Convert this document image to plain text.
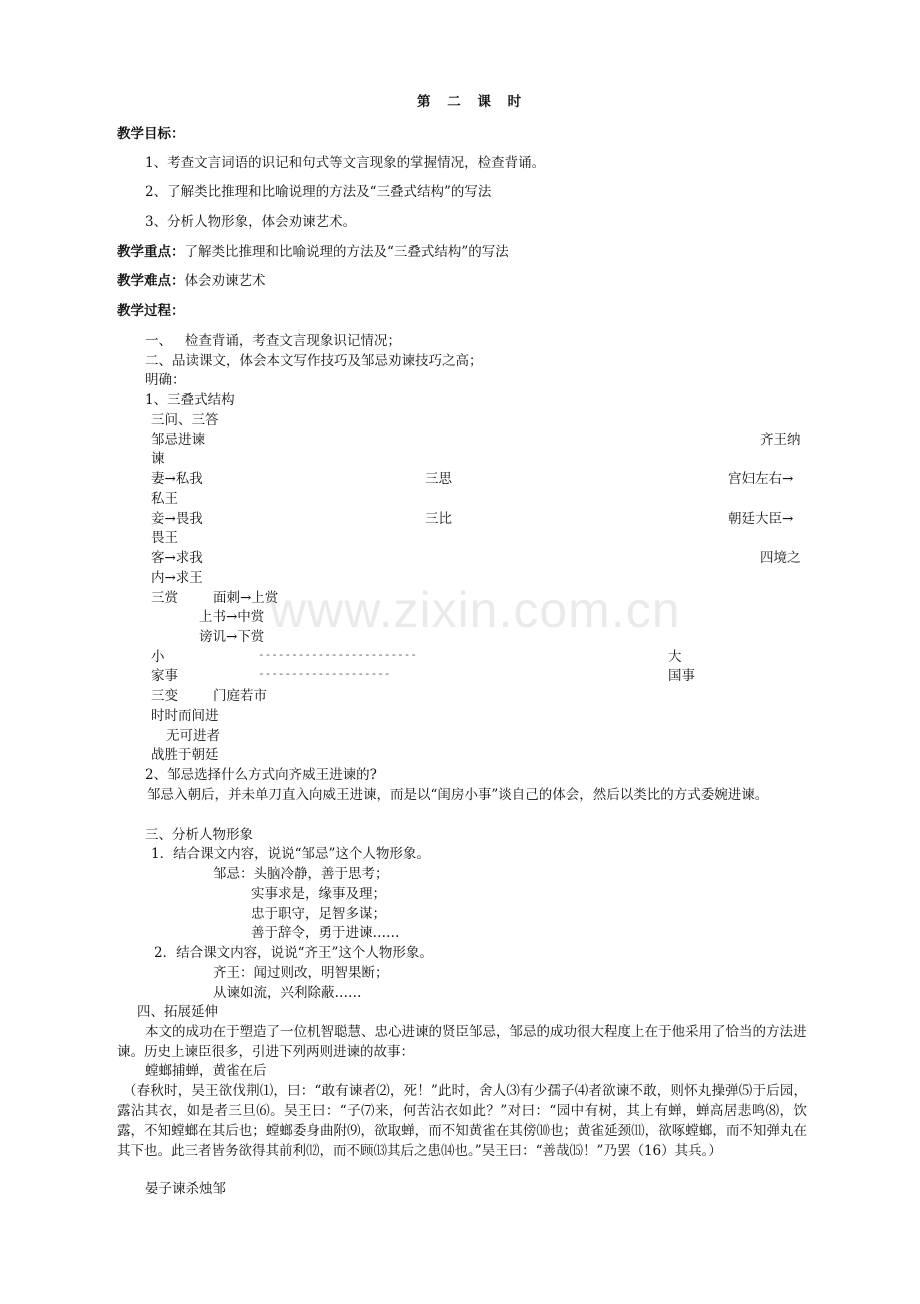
www.zixin.com.cn
第 二 课 时
教学目标：
1、考查文言词语的识记和句式等文言现象的掌握情况，检查背诵。
2、了解类比推理和比喻说理的方法及“三叠式结构”的写法
3、分析人物形象，体会劝谏艺术。
教学重点：了解类比推理和比喻说理的方法及“三叠式结构”的写法
教学难点：体会劝谏艺术
教学过程：
一、   检查背诵，考查文言现象识记情况；
二、品读课文，体会本文写作技巧及邹忌劝谏技巧之高；
明确：
1、三叠式结构
三问、三答
邹忌进谏	齐王纳
谏
妻→私我	三思	宫妇左右→
私王
妾→畏我	三比	朝廷大臣→
畏王
客→求我	四境之
内→求王
三赏	面刺→上赏
上书→中赏
谤讥→下赏
小	------------------------	大
家事	--------------------	国事
三变	门庭若市
时时而间进
无可进者
战胜于朝廷
2、邹忌选择什么方式向齐威王进谏的?
邹忌入朝后，并未单刀直入向威王进谏，而是以“闺房小事”谈自己的体会，然后以类比的方式委婉进谏。
三、分析人物形象
1．结合课文内容，说说“邹忌”这个人物形象。
邹忌：头脑冷静，善于思考；
实事求是，缘事及理；
忠于职守，足智多谋；
善于辞令，勇于进谏……
2．结合课文内容，说说“齐王”这个人物形象。
齐王：闻过则改，明智果断；
从谏如流，兴利除蔽……
四、拓展延伸
本文的成功在于塑造了一位机智聪慧、忠心进谏的贤臣邹忌，邹忌的成功很大程度上在于他采用了恰当的方法进谏。历史上谏臣很多，引进下列两则进谏的故事：
螳螂捕蝉，黄雀在后
（春秋时，吴王欲伐荆⑴，曰：“敢有谏者⑵，死！”此时，舍人⑶有少孺子⑷者欲谏不敢，则怀丸操弹⑸于后园，露沾其衣，如是者三旦⑹。吴王曰：“子⑺来，何苦沾衣如此？”对曰：“园中有树，其上有蝉，蝉高居悲鸣⑻，饮露，不知螳螂在其后也；螳螂委身曲附⑼，欲取蝉，而不知黄雀在其傍⑽也；黄雀延颈⑾，欲啄螳螂，而不知弹丸在其下也。此三者皆务欲得其前利⑿，而不顾⒀其后之患⒁也。”吴王曰：“善哉⒂！”乃罢（16）其兵。）
晏子谏杀烛邹
